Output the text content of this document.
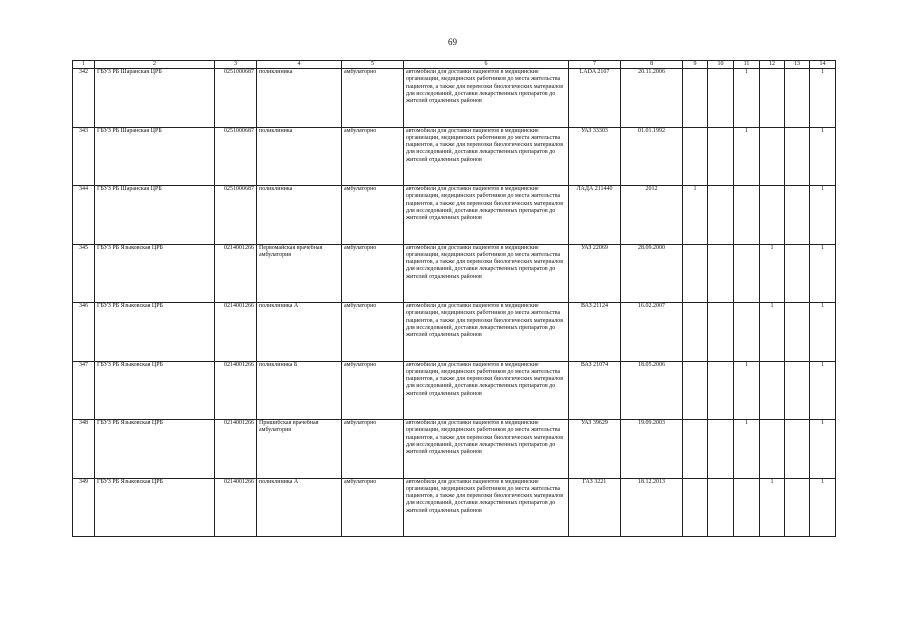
69
1	2	3	4	5	6	7	8	9	10	11	12	13	14
342	ГБУЗ РБ Шаранская ЦРБ	0251000687	поликлиника	амбулаторно	автомобили для доставки пациентов в медицинские организации, медицинских работников до места жительства пациентов, а также для перевозки биологических материалов для исследований, доставки лекарственных препаратов до жителей отдаленных районов	LADA 2107	20.11.2006			1			1
343	ГБУЗ РБ Шаранская ЦРБ	0251000687	поликлиника	амбулаторно	автомобили для доставки пациентов в медицинские организации, медицинских работников до места жительства пациентов, а также для перевозки биологических материалов для исследований, доставки лекарственных препаратов до жителей отдаленных районов	УАЗ 33303	01.01.1992			1			1
344	ГБУЗ РБ Шаранская ЦРБ	0251000687	поликлиника	амбулаторно	автомобили для доставки пациентов в медицинские организации, медицинских работников до места жительства пациентов, а также для перевозки биологических материалов для исследований, доставки лекарственных препаратов до жителей отдаленных районов	ЛАДА 211440	2012	1					1
345	ГБУЗ РБ Языковская ЦРБ	0214001266	Первомайская врачебная амбулатория	амбулаторно	автомобили для доставки пациентов в медицинские организации, медицинских работников до места жительства пациентов, а также для перевозки биологических материалов для исследований, доставки лекарственных препаратов до жителей отдаленных районов	УАЗ 22069	28.09.2000				1		1
346	ГБУЗ РБ Языковская ЦРБ	0214001266	поликлиника А	амбулаторно	автомобили для доставки пациентов в медицинские организации, медицинских работников до места жительства пациентов, а также для перевозки биологических материалов для исследований, доставки лекарственных препаратов до жителей отдаленных районов	ВАЗ 21124	16.02.2007				1		1
347	ГБУЗ РБ Языковская ЦРБ	0214001266	поликлиника Б	амбулаторно	автомобили для доставки пациентов в медицинские организации, медицинских работников до места жительства пациентов, а также для перевозки биологических материалов для исследований, доставки лекарственных препаратов до жителей отдаленных районов	ВАЗ 21074	18.05.2006			1			1
348	ГБУЗ РБ Языковская ЦРБ	0214001266	Пришибская врачебная амбулатория	амбулаторно	автомобили для доставки пациентов в медицинские организации, медицинских работников до места жительства пациентов, а также для перевозки биологических материалов для исследований, доставки лекарственных препаратов до жителей отдаленных районов	УАЗ 39629	19.09.2003			1			1
349	ГБУЗ РБ Языковская ЦРБ	0214001266	поликлиника А	амбулаторно	автомобили для доставки пациентов в медицинские организации, медицинских работников до места жительства пациентов, а также для перевозки биологических материалов для исследований, доставки лекарственных препаратов до жителей отдаленных районов	ГАЗ 3221	18.12.2013				1		1
